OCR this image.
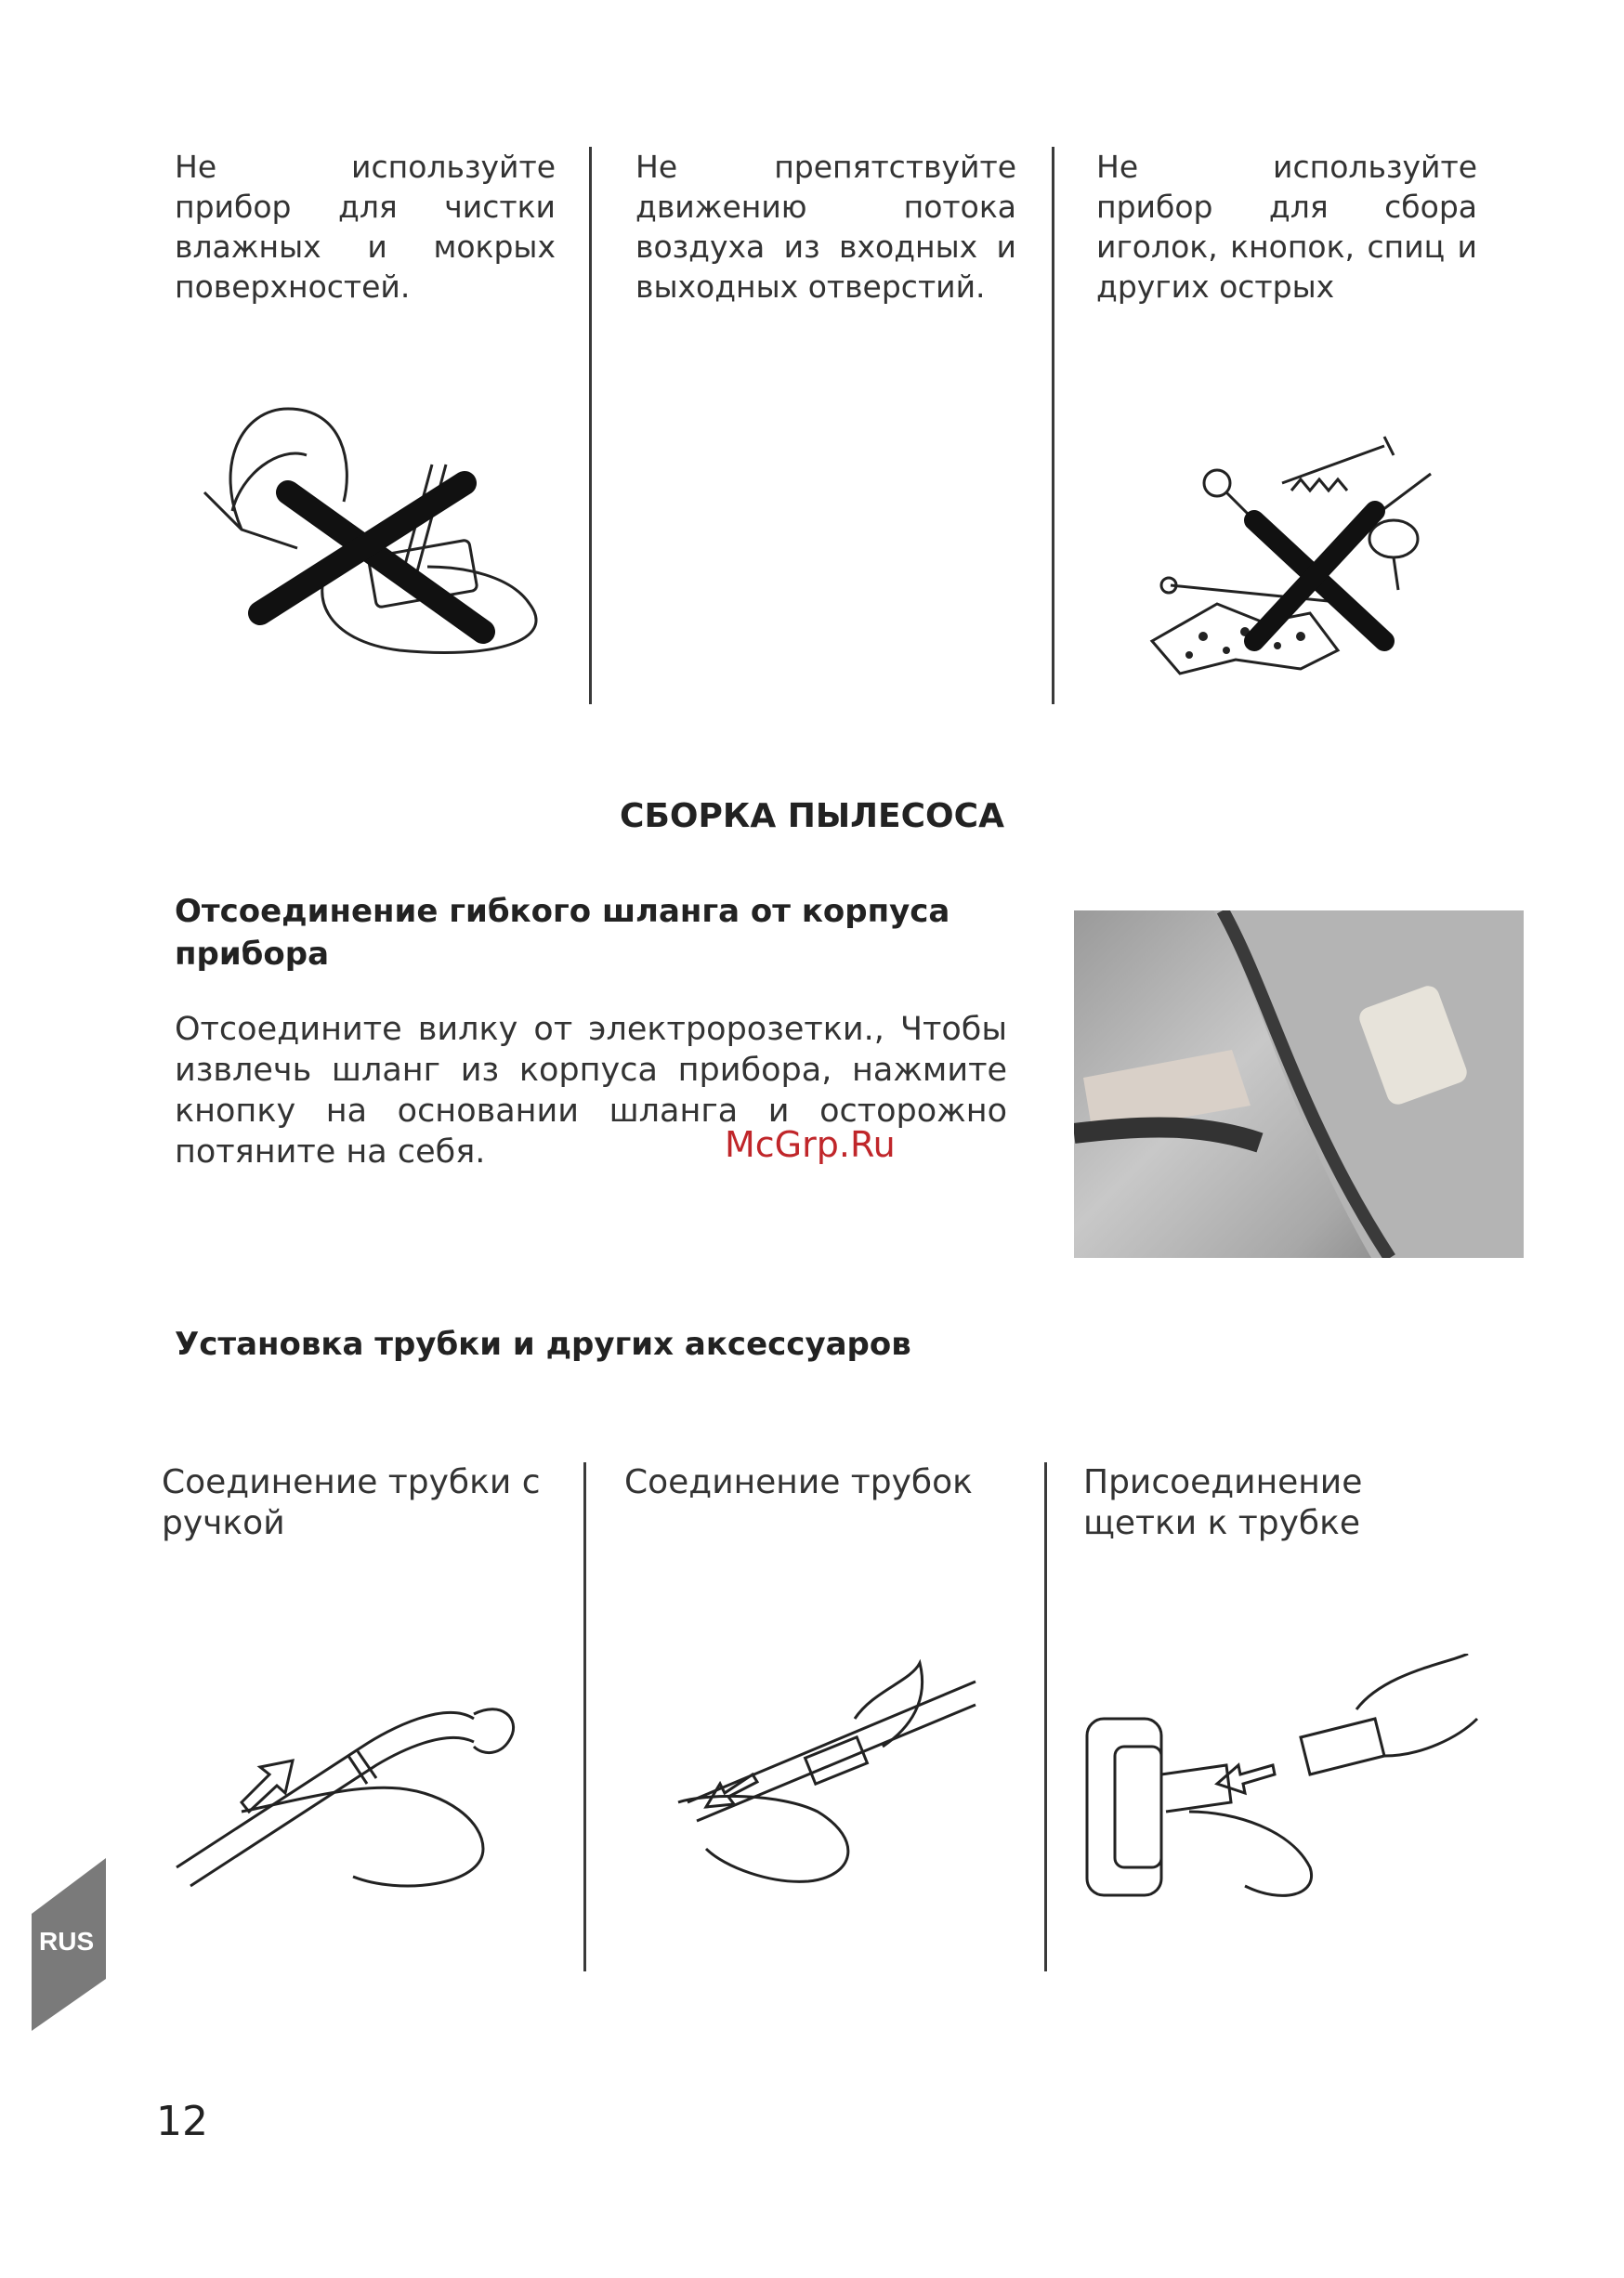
Не используйте прибор для чистки влажных и мокрых поверхностей.
Не препятствуйте движению потока воздуха из входных и выходных отверстий.
Не используйте прибор для сбора иголок, кнопок, спиц и других острых
СБОРКА ПЫЛЕСОСА
Отсоединение гибкого шланга от корпуса прибора
Отсоедините вилку от электророзетки., Чтобы извлечь шланг из корпуса прибора, нажмите кнопку на основании шланга и осторожно потяните на себя.	McGrp.Ru
Установка трубки и других аксессуаров
Соединение трубки с ручкой
Соединение трубок	Присоединение щетки к трубке
RUS
12
